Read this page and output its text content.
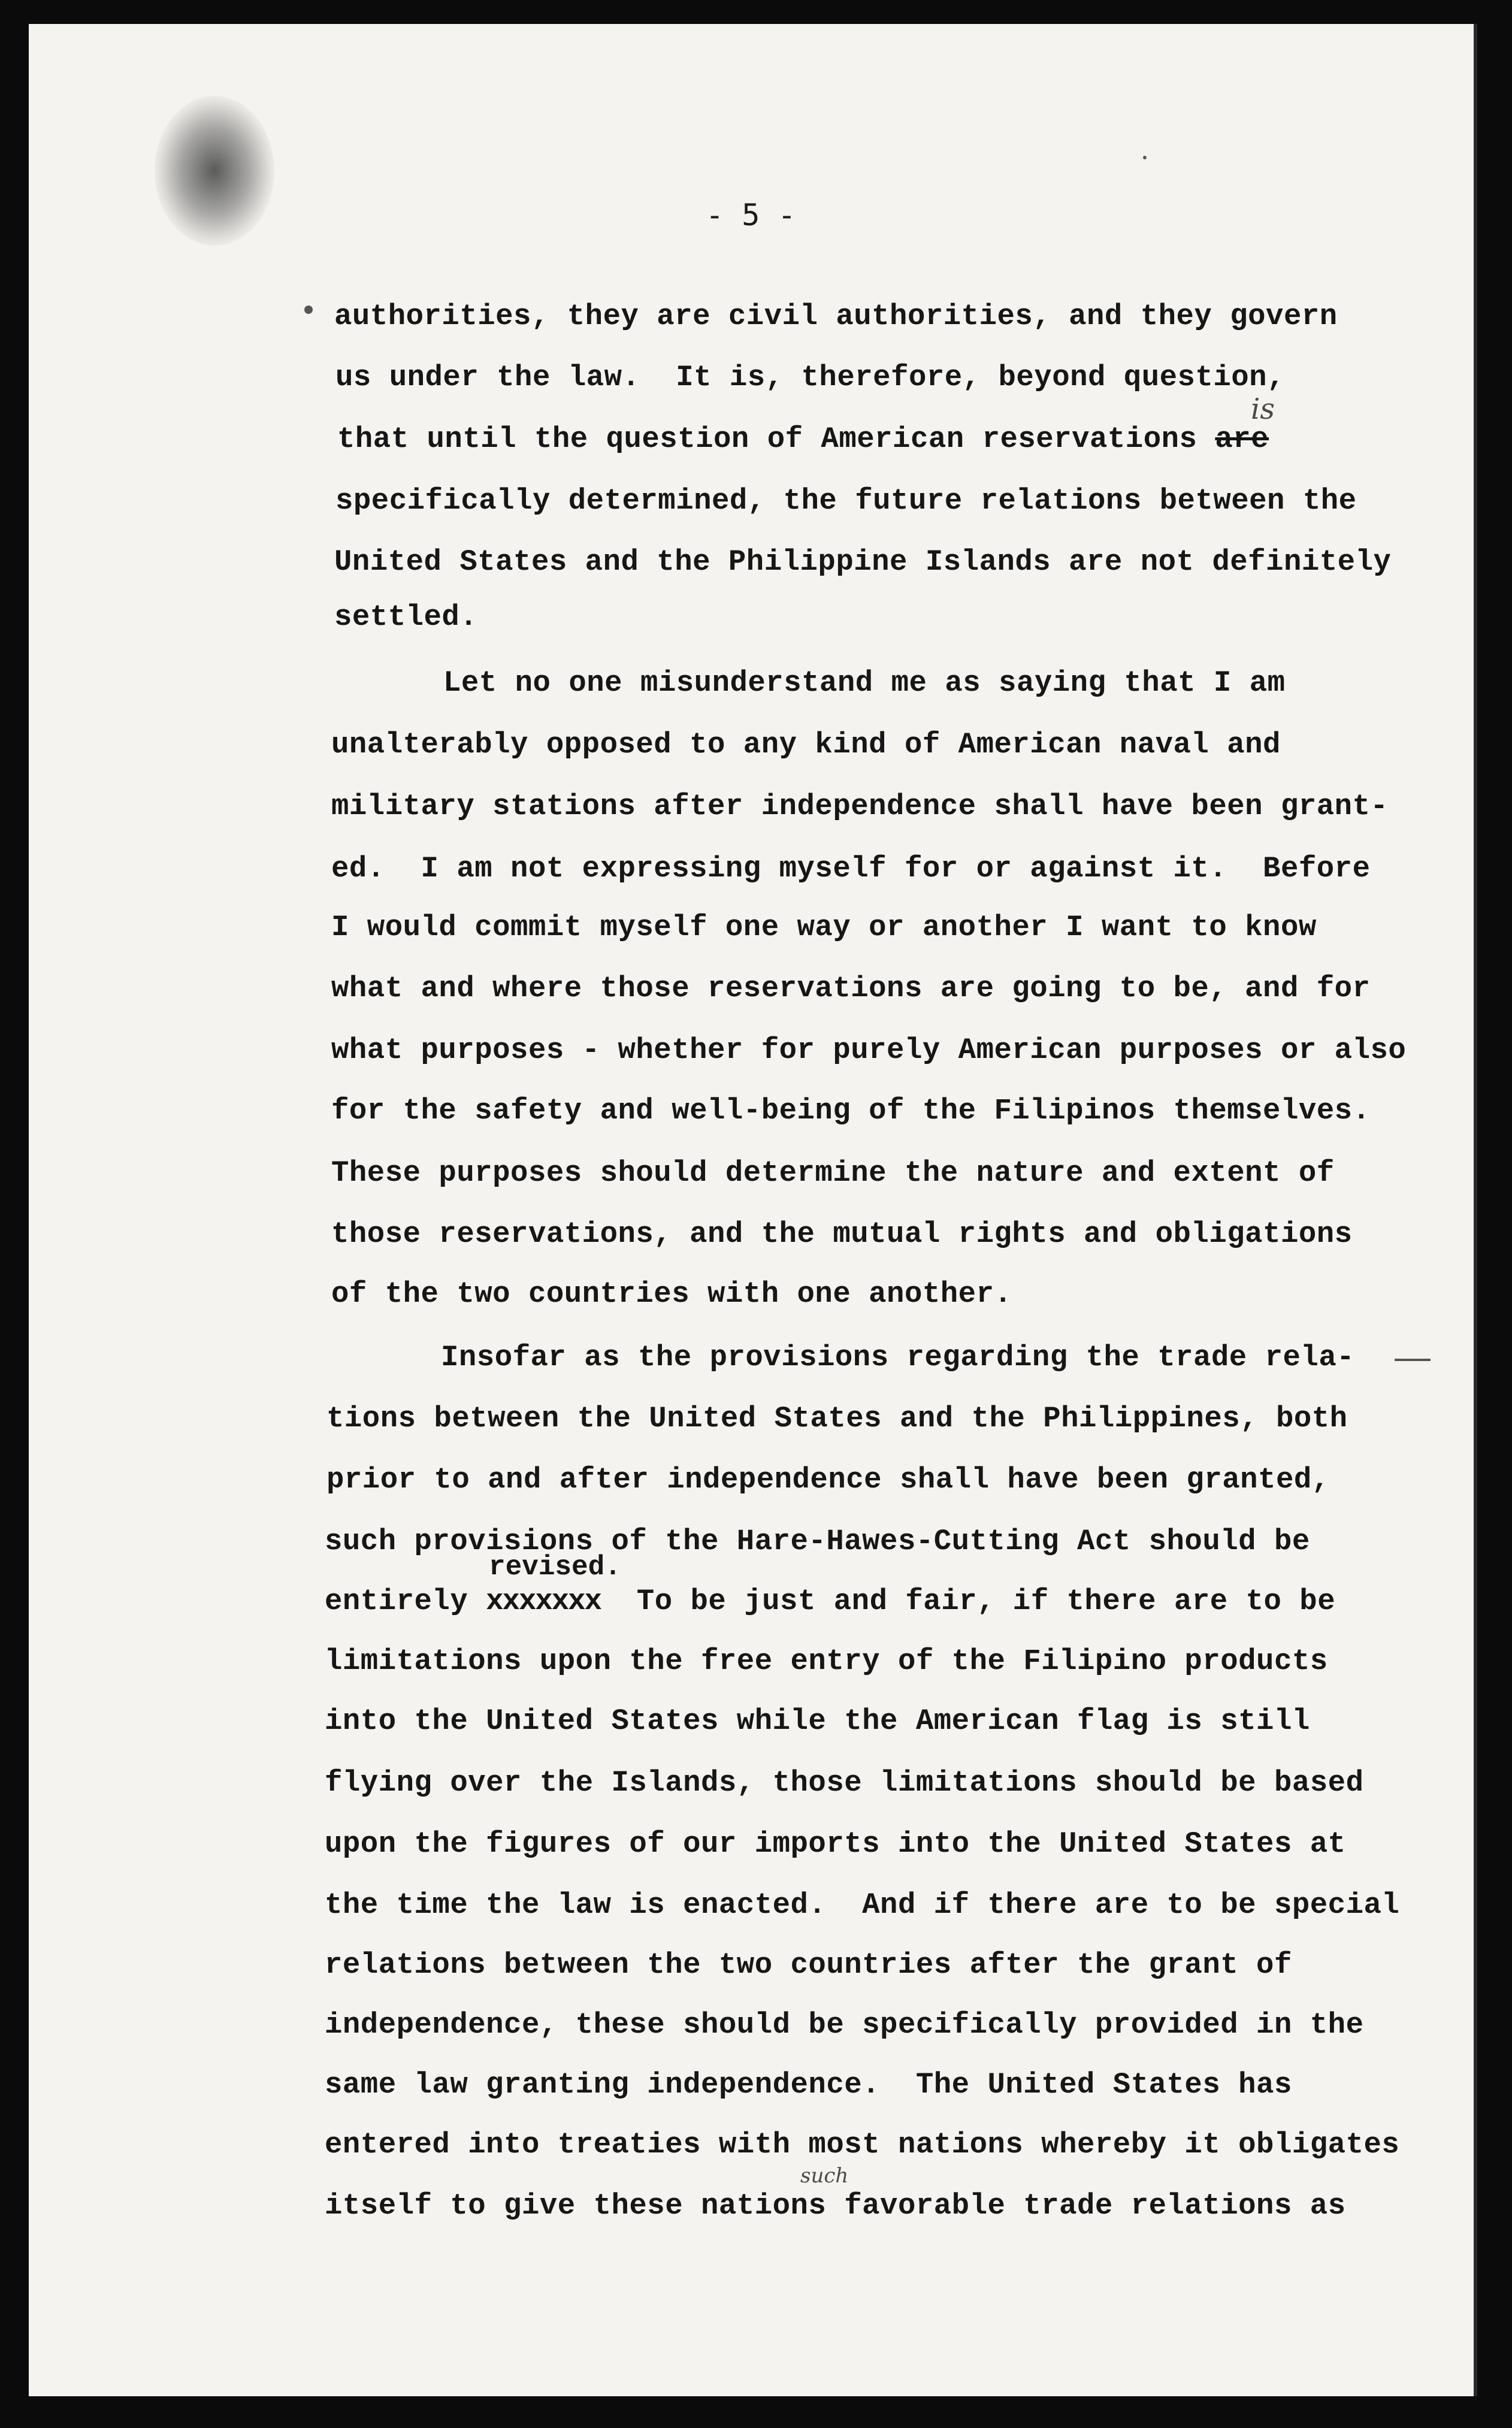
- 5 -
authorities, they are civil authorities, and they govern
us under the law.  It is, therefore, beyond question,
that until the question of American reservations are
is
specifically determined, the future relations between the
United States and the Philippine Islands are not definitely
settled.
Let no one misunderstand me as saying that I am
unalterably opposed to any kind of American naval and
military stations after independence shall have been grant-
ed.  I am not expressing myself for or against it.  Before
I would commit myself one way or another I want to know
what and where those reservations are going to be, and for
what purposes - whether for purely American purposes or also
for the safety and well-being of the Filipinos themselves.
These purposes should determine the nature and extent of
those reservations, and the mutual rights and obligations
of the two countries with one another.
Insofar as the provisions regarding the trade rela-
tions between the United States and the Philippines, both
prior to and after independence shall have been granted,
such provisions of the Hare-Hawes-Cutting Act should be
revised.
entirely xxxxxxx  To be just and fair, if there are to be
limitations upon the free entry of the Filipino products
into the United States while the American flag is still
flying over the Islands, those limitations should be based
upon the figures of our imports into the United States at
the time the law is enacted.  And if there are to be special
relations between the two countries after the grant of
independence, these should be specifically provided in the
same law granting independence.  The United States has
entered into treaties with most nations whereby it obligates
such
itself to give these nations favorable trade relations as
